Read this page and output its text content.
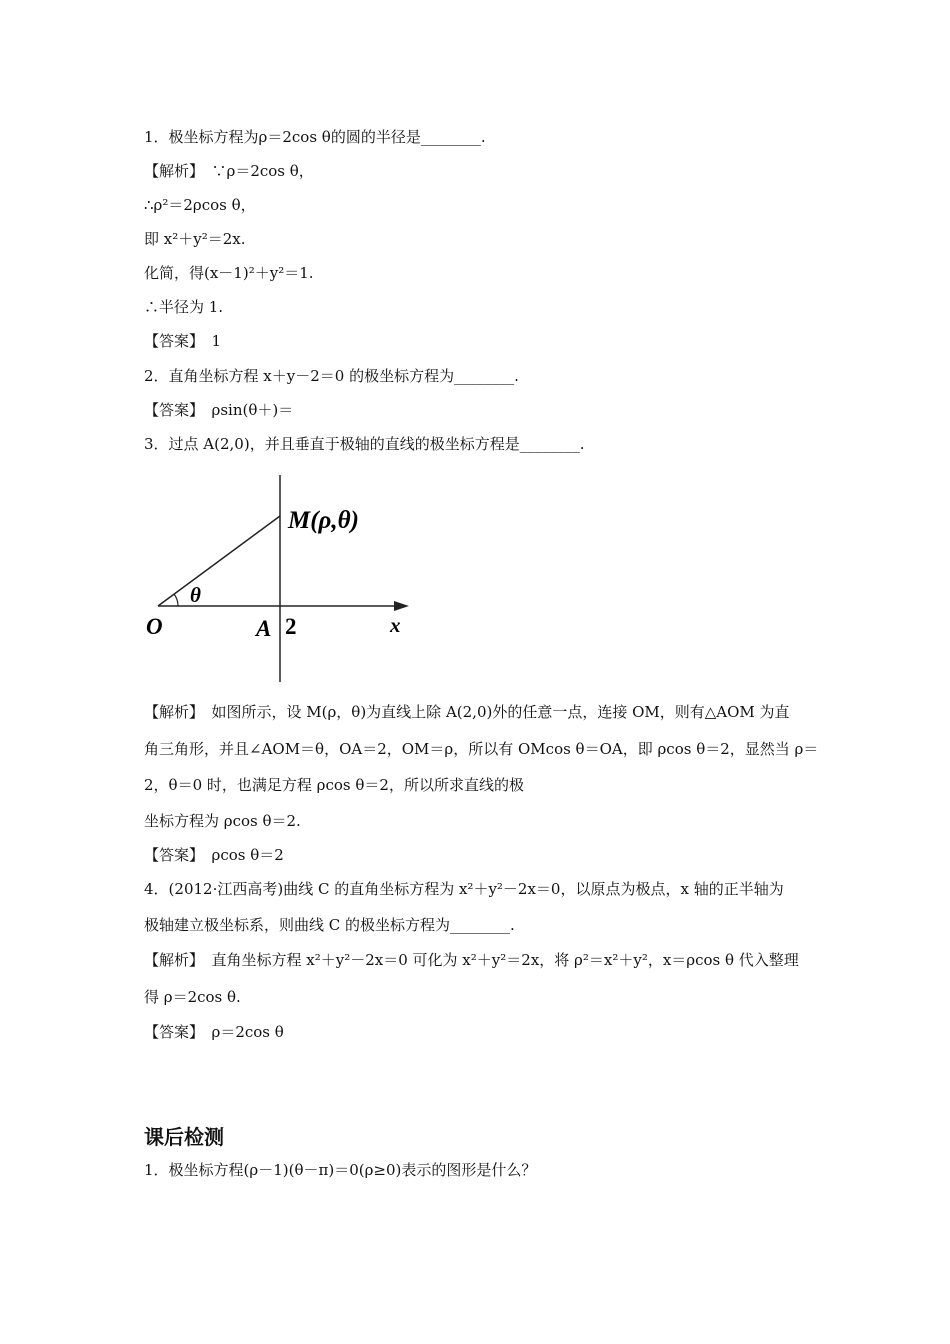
1．极坐标方程为ρ＝2cos θ的圆的半径是________.
【解析】　∵ρ＝2cos θ，
∴ρ²＝2ρcos θ，
即 x²＋y²＝2x.
化简，得(x－1)²＋y²＝1.
∴半径为 1.
【答案】　1
2．直角坐标方程 x＋y－2＝0 的极坐标方程为________.
【答案】　ρsin(θ＋)＝
3．过点 A(2,0)，并且垂直于极轴的直线的极坐标方程是________.
M(ρ,θ)
θ
O	A 2	x
【解析】　如图所示，设 M(ρ，θ)为直线上除 A(2,0)外的任意一点，连接 OM，则有△AOM 为直
角三角形，并且∠AOM＝θ，OA＝2，OM＝ρ，所以有 OMcos θ＝OA，即 ρcos θ＝2，显然当 ρ＝
2，θ＝0 时，也满足方程 ρcos θ＝2，所以所求直线的极
坐标方程为 ρcos θ＝2.
【答案】　ρcos θ＝2
4．(2012·江西高考)曲线 C 的直角坐标方程为 x²＋y²－2x＝0，以原点为极点，x 轴的正半轴为
极轴建立极坐标系，则曲线 C 的极坐标方程为________.
【解析】　直角坐标方程 x²＋y²－2x＝0 可化为 x²＋y²＝2x，将 ρ²＝x²＋y²，x＝ρcos θ 代入整理
得 ρ＝2cos θ.
【答案】　ρ＝2cos θ
课后检测
1．极坐标方程(ρ－1)(θ－π)＝0(ρ≥0)表示的图形是什么？
